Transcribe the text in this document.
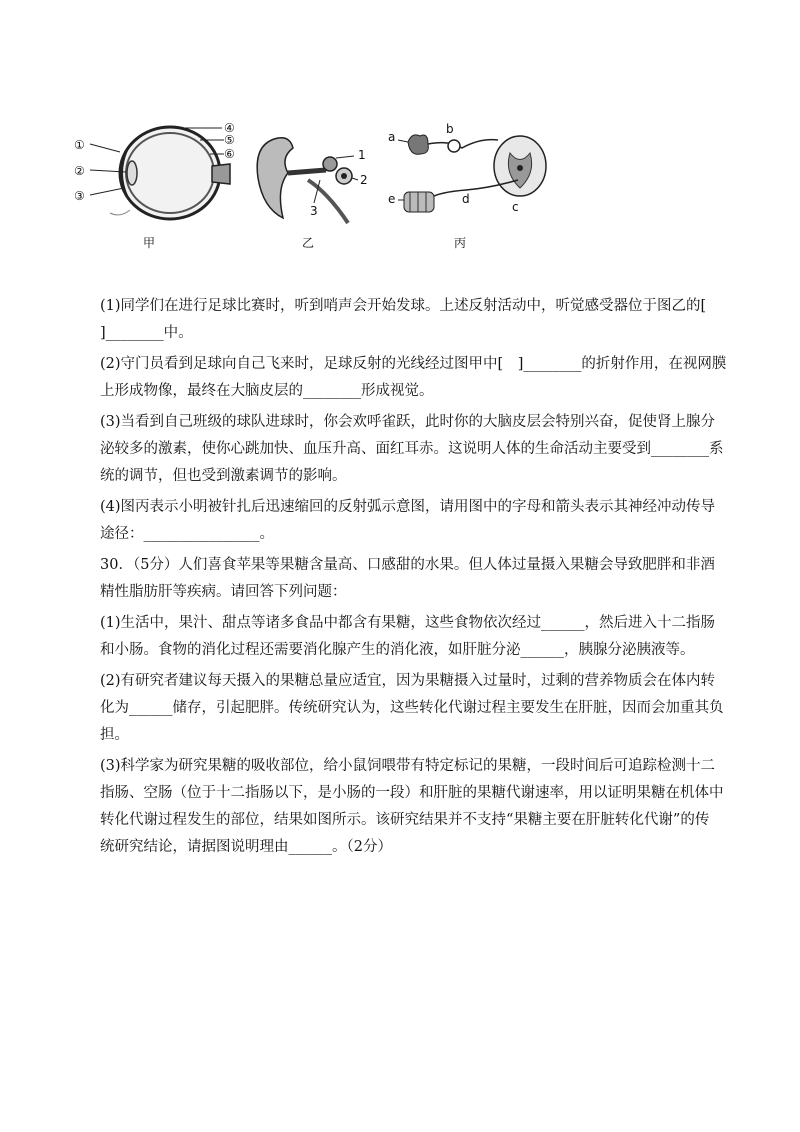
①
②
③
④
⑤
⑥
甲
1
2
3
乙
a
b
c
d
e
丙

(1)同学们在进行足球比赛时，听到哨声会开始发球。上述反射活动中，听觉感受器位于图乙的[
]________中。

(2)守门员看到足球向自己飞来时，足球反射的光线经过图甲中[　]________的折射作用，在视网膜
上形成物像，最终在大脑皮层的________形成视觉。

(3)当看到自己班级的球队进球时，你会欢呼雀跃，此时你的大脑皮层会特别兴奋，促使肾上腺分
泌较多的激素，使你心跳加快、血压升高、面红耳赤。这说明人体的生命活动主要受到________系
统的调节，但也受到激素调节的影响。

(4)图丙表示小明被针扎后迅速缩回的反射弧示意图，请用图中的字母和箭头表示其神经冲动传导
途径：________________。

30．（5分）人们喜食苹果等果糖含量高、口感甜的水果。但人体过量摄入果糖会导致肥胖和非酒
精性脂肪肝等疾病。请回答下列问题：

(1)生活中，果汁、甜点等诸多食品中都含有果糖，这些食物依次经过______，然后进入十二指肠
和小肠。食物的消化过程还需要消化腺产生的消化液，如肝脏分泌______，胰腺分泌胰液等。

(2)有研究者建议每天摄入的果糖总量应适宜，因为果糖摄入过量时，过剩的营养物质会在体内转
化为______储存，引起肥胖。传统研究认为，这些转化代谢过程主要发生在肝脏，因而会加重其负
担。

(3)科学家为研究果糖的吸收部位，给小鼠饲喂带有特定标记的果糖，一段时间后可追踪检测十二
指肠、空肠（位于十二指肠以下，是小肠的一段）和肝脏的果糖代谢速率，用以证明果糖在机体中
转化代谢过程发生的部位，结果如图所示。该研究结果并不支持“果糖主要在肝脏转化代谢”的传
统研究结论，请据图说明理由______。（2分）
